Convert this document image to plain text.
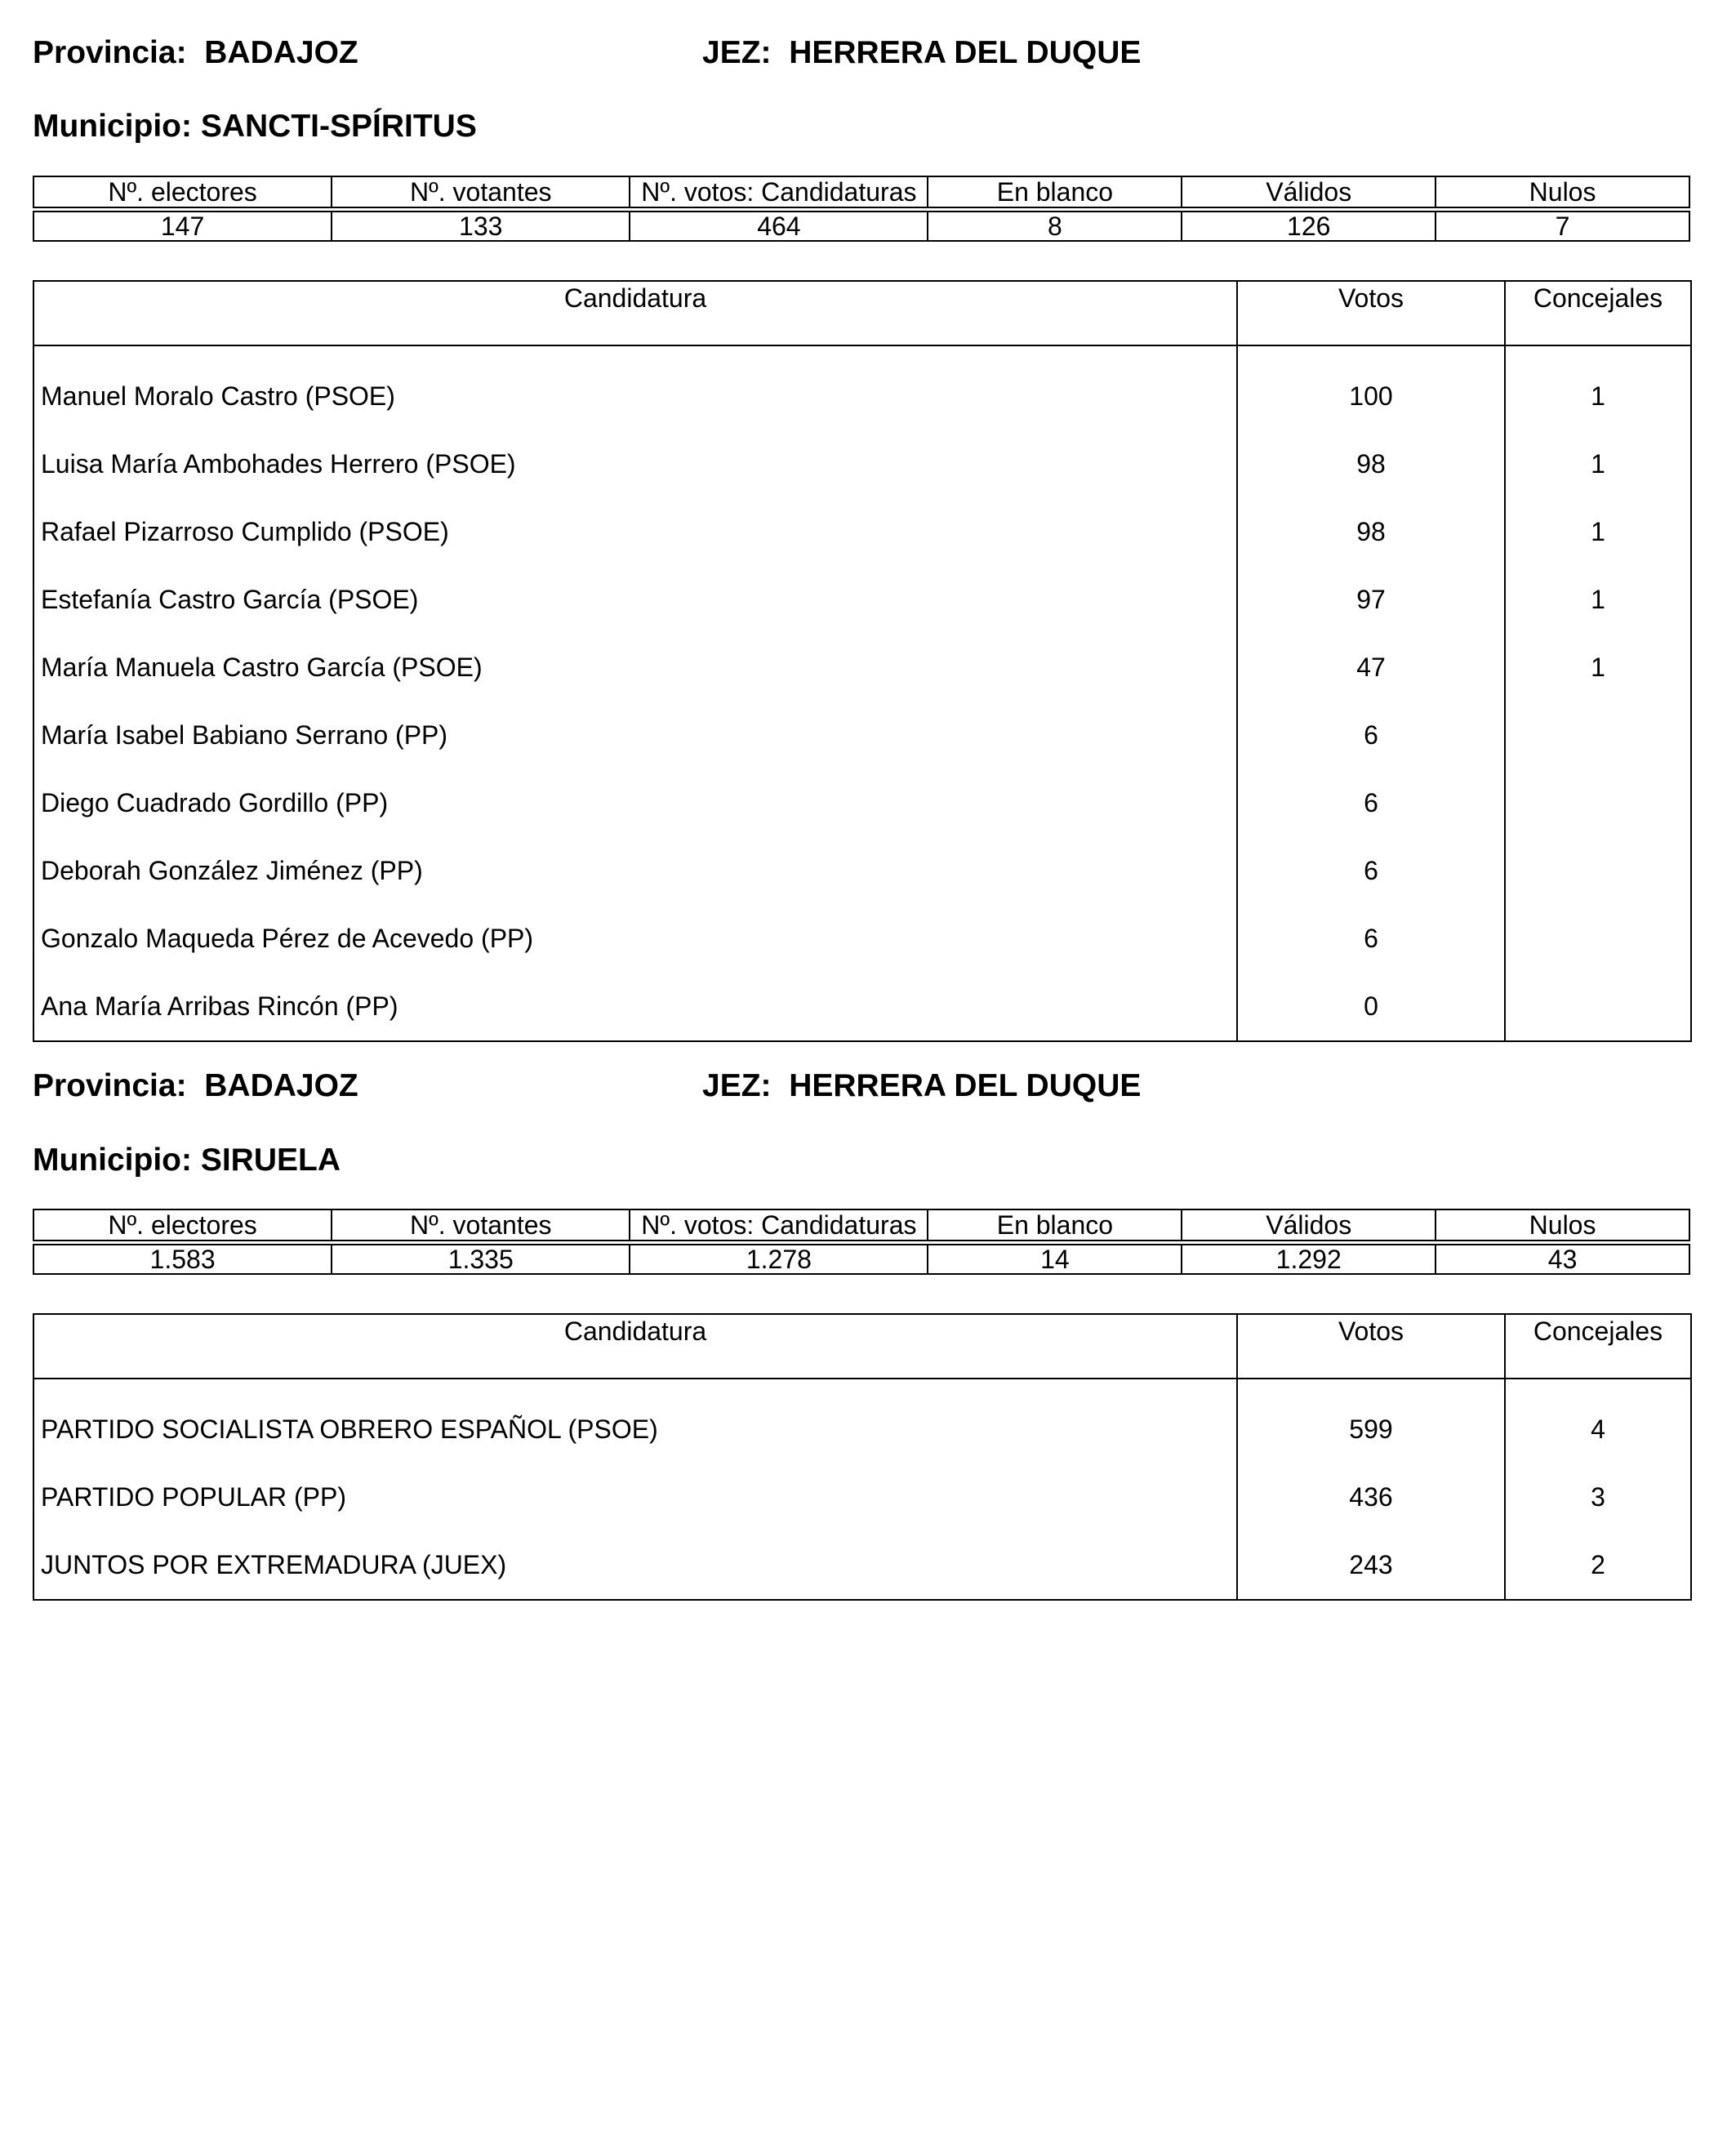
Provincia: BADAJOZ	JEZ: HERRERA DEL DUQUE
Municipio: SANCTI-SPÍRITUS
Nº. electores	Nº. votantes	Nº. votos: Candidaturas	En blanco	Válidos	Nulos
147	133	464	8	126	7
Candidatura	Votos	Concejales
Manuel Moralo Castro (PSOE)	100	1
Luisa María Ambohades Herrero (PSOE)	98	1
Rafael Pizarroso Cumplido (PSOE)	98	1
Estefanía Castro García (PSOE)	97	1
María Manuela Castro García (PSOE)	47	1
María Isabel Babiano Serrano (PP)	6	
Diego Cuadrado Gordillo (PP)	6	
Deborah González Jiménez (PP)	6	
Gonzalo Maqueda Pérez de Acevedo (PP)	6	
Ana María Arribas Rincón (PP)	0	
Provincia: BADAJOZ	JEZ: HERRERA DEL DUQUE
Municipio: SIRUELA
Nº. electores	Nº. votantes	Nº. votos: Candidaturas	En blanco	Válidos	Nulos
1.583	1.335	1.278	14	1.292	43
Candidatura	Votos	Concejales
PARTIDO SOCIALISTA OBRERO ESPAÑOL (PSOE)	599	4
PARTIDO POPULAR (PP)	436	3
JUNTOS POR EXTREMADURA (JUEX)	243	2
